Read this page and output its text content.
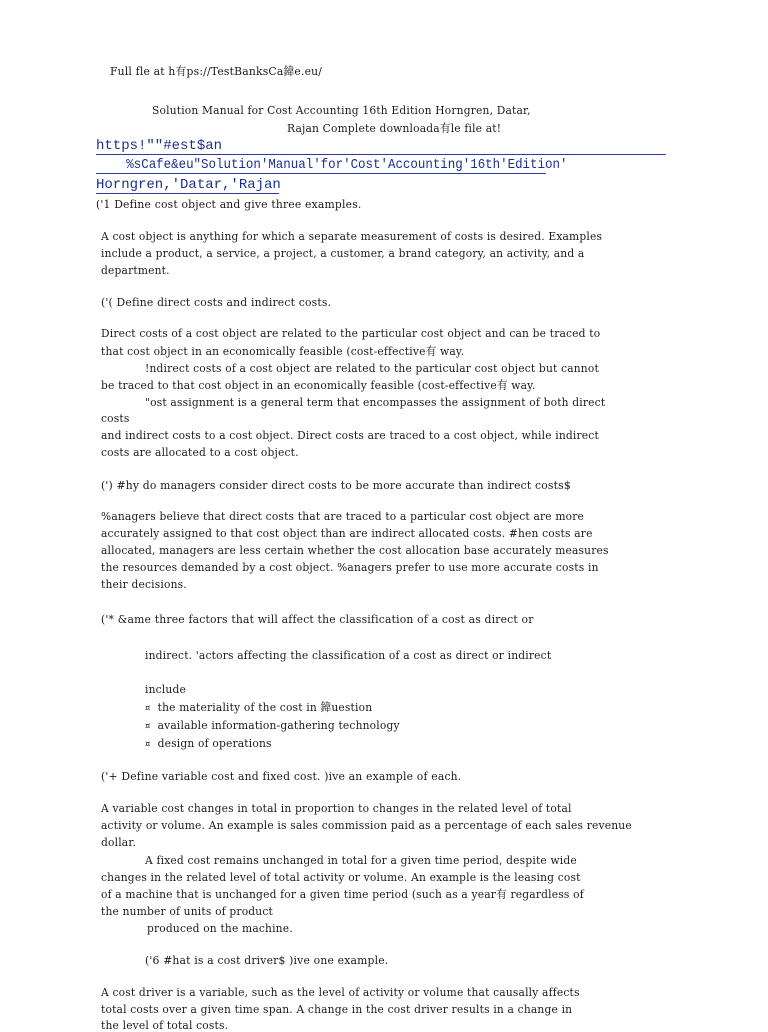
Full fle at h有ps://TestBanksCa鍏e.eu/

Solution Manual for Cost Accounting 16th Edition Horngren, Datar,

Rajan Complete downloada有le file at!

https!""#est$an

%sCafe&eu"Solution'Manual'for'Cost'Accounting'16th'Edition'

Horngren,'Datar,'Rajan

('1 Define cost object and give three examples.

A cost object is anything for which a separate measurement of costs is desired. Examples

include a product, a service, a project, a customer, a brand category, an activity, and a

department.

('( Define direct costs and indirect costs.

Direct costs of a cost object are related to the particular cost object and can be traced to

that cost object in an economically feasible (cost-effective有 way.

!ndirect costs of a cost object are related to the particular cost object but cannot

be traced to that cost object in an economically feasible (cost-effective有 way.

"ost assignment is a general term that encompasses the assignment of both direct

costs

and indirect costs to a cost object. Direct costs are traced to a cost object, while indirect

costs are allocated to a cost object.

(') #hy do managers consider direct costs to be more accurate than indirect costs$

%anagers believe that direct costs that are traced to a particular cost object are more

accurately assigned to that cost object than are indirect allocated costs. #hen costs are

allocated, managers are less certain whether the cost allocation base accurately measures

the resources demanded by a cost object. %anagers prefer to use more accurate costs in

their decisions.

('* &ame three factors that will affect the classification of a cost as direct or

indirect. 'actors affecting the classification of a cost as direct or indirect

include

¤ the materiality of the cost in 鍏uestion

¤ available information-gathering technology

¤ design of operations

('+ Define variable cost and fixed cost. )ive an example of each.

A variable cost changes in total in proportion to changes in the related level of total

activity or volume. An example is sales commission paid as a percentage of each sales revenue

dollar.

A fixed cost remains unchanged in total for a given time period, despite wide

changes in the related level of total activity or volume. An example is the leasing cost

of a machine that is unchanged for a given time period (such as a year有 regardless of

the number of units of product

produced on the machine.

('6 #hat is a cost driver$ )ive one example.

A cost driver is a variable, such as the level of activity or volume that causally affects

total costs over a given time span. A change in the cost driver results in a change in

the level of total costs.
